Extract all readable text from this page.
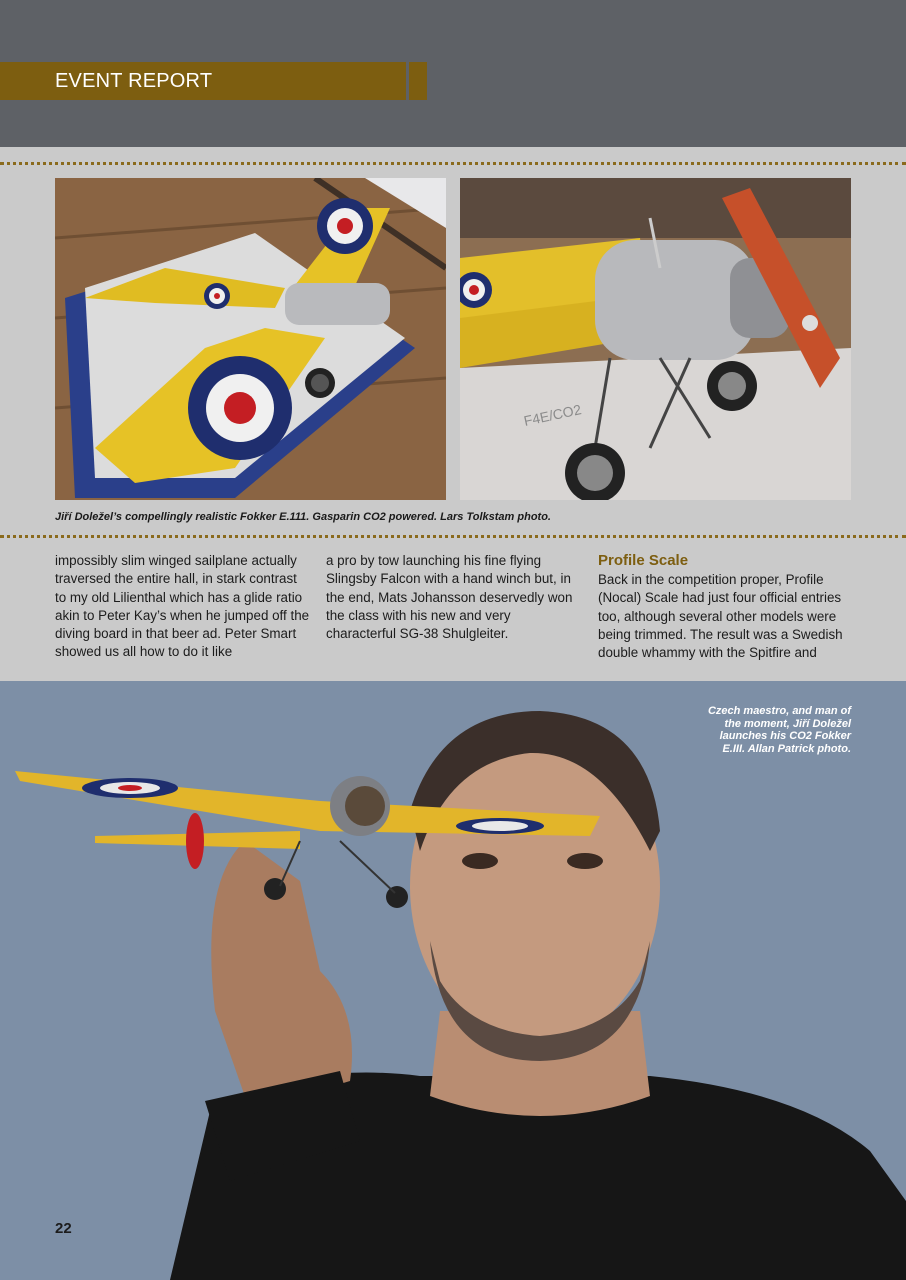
EVENT REPORT
F4E/CO2
Jiří Doležel’s compellingly realistic Fokker E.111. Gasparin CO2 powered. Lars Tolkstam photo.

impossibly slim winged sailplane actually traversed the entire hall, in stark contrast to my old Lilienthal which has a glide ratio akin to Peter Kay’s when he jumped off the diving board in that beer ad. Peter Smart showed us all how to do it like

a pro by tow launching his fine flying Slingsby Falcon with a hand winch but, in the end, Mats Johansson deservedly won the class with his new and very characterful SG-38 Shulgleiter.

Profile Scale

Back in the competition proper, Profile (Nocal) Scale had just four official entries too, although several other models were being trimmed. The result was a Swedish double whammy with the Spitfire and

Czech maestro, and man of the moment, Jiří Doležel launches his CO2 Fokker E.III. Allan Patrick photo.
22
